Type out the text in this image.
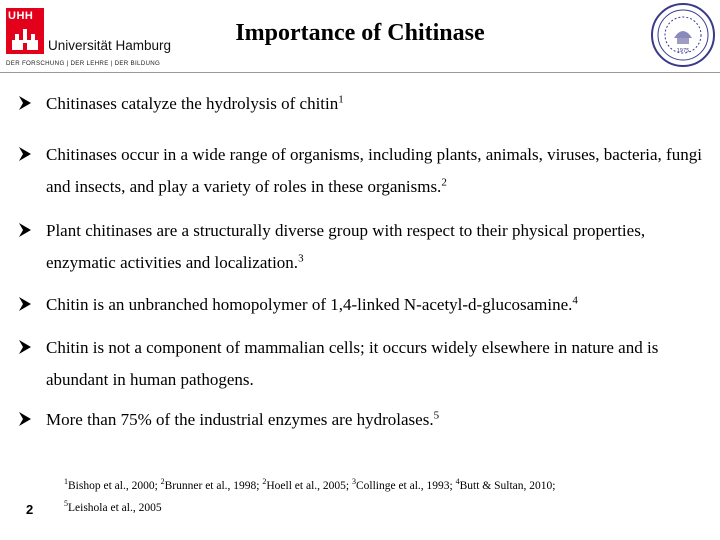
UHH
Universität Hamburg
DER FORSCHUNG | DER LEHRE | DER BILDUNG
Importance of Chitinase
1975
Chitinases catalyze the hydrolysis of chitin$^1$
Chitinases occur in a wide range of organisms, including plants, animals, viruses, bacteria, fungi and insects, and play a variety of roles in these organisms.$^2$
Plant chitinases are a structurally diverse group with respect to their physical properties, enzymatic activities and localization.$^3$
Chitin is an unbranched homopolymer of 1,4-linked N-acetyl-d-glucosamine.$^4$
Chitin is not a component of mammalian cells; it occurs widely elsewhere in nature and is abundant in human pathogens.
More than 75% of the industrial enzymes are hydrolases.$^5$
$^1$Bishop et al., 2000; $^2$Brunner et al., 1998; $^2$Hoell et al., 2005; $^3$Collinge et al., 1993; $^4$Butt & Sultan, 2010;
$^5$Leishola et al., 2005
2
